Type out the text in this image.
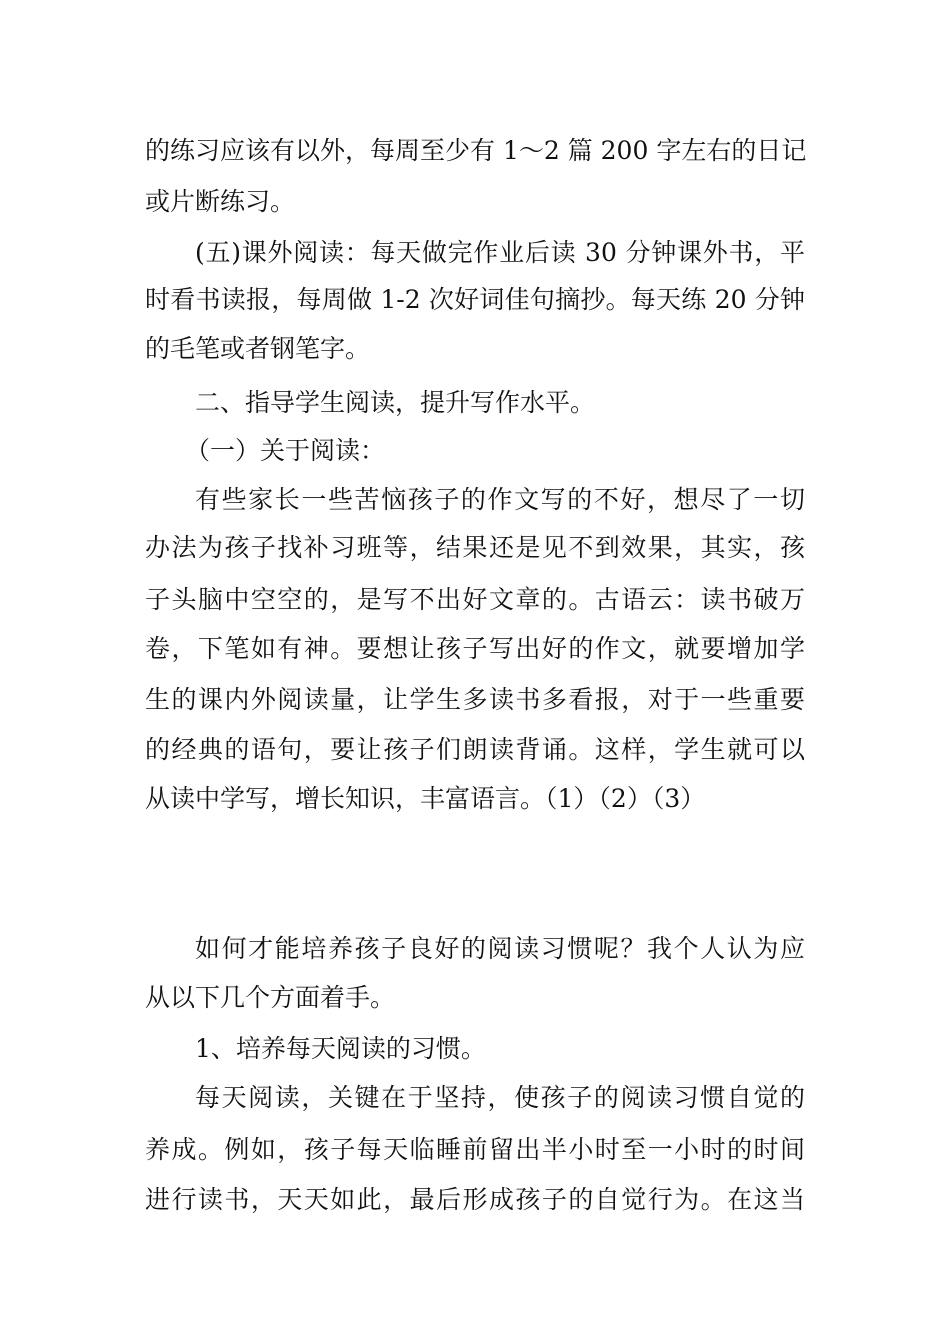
的练习应该有以外，每周至少有 1～2 篇 200 字左右的日记
或片断练习。
(五)课外阅读：每天做完作业后读 30 分钟课外书，平
时看书读报，每周做 1-2 次好词佳句摘抄。每天练 20 分钟
的毛笔或者钢笔字。
二、指导学生阅读，提升写作水平。
（一）关于阅读：
有些家长一些苦恼孩子的作文写的不好，想尽了一切
办法为孩子找补习班等，结果还是见不到效果，其实，孩
子头脑中空空的，是写不出好文章的。古语云：读书破万
卷，下笔如有神。要想让孩子写出好的作文，就要增加学
生的课内外阅读量，让学生多读书多看报，对于一些重要
的经典的语句，要让孩子们朗读背诵。这样，学生就可以
从读中学写，增长知识，丰富语言。（1）（2）（3）
如何才能培养孩子良好的阅读习惯呢？我个人认为应
从以下几个方面着手。
1、培养每天阅读的习惯。
每天阅读，关键在于坚持，使孩子的阅读习惯自觉的
养成。例如，孩子每天临睡前留出半小时至一小时的时间
进行读书，天天如此，最后形成孩子的自觉行为。在这当
